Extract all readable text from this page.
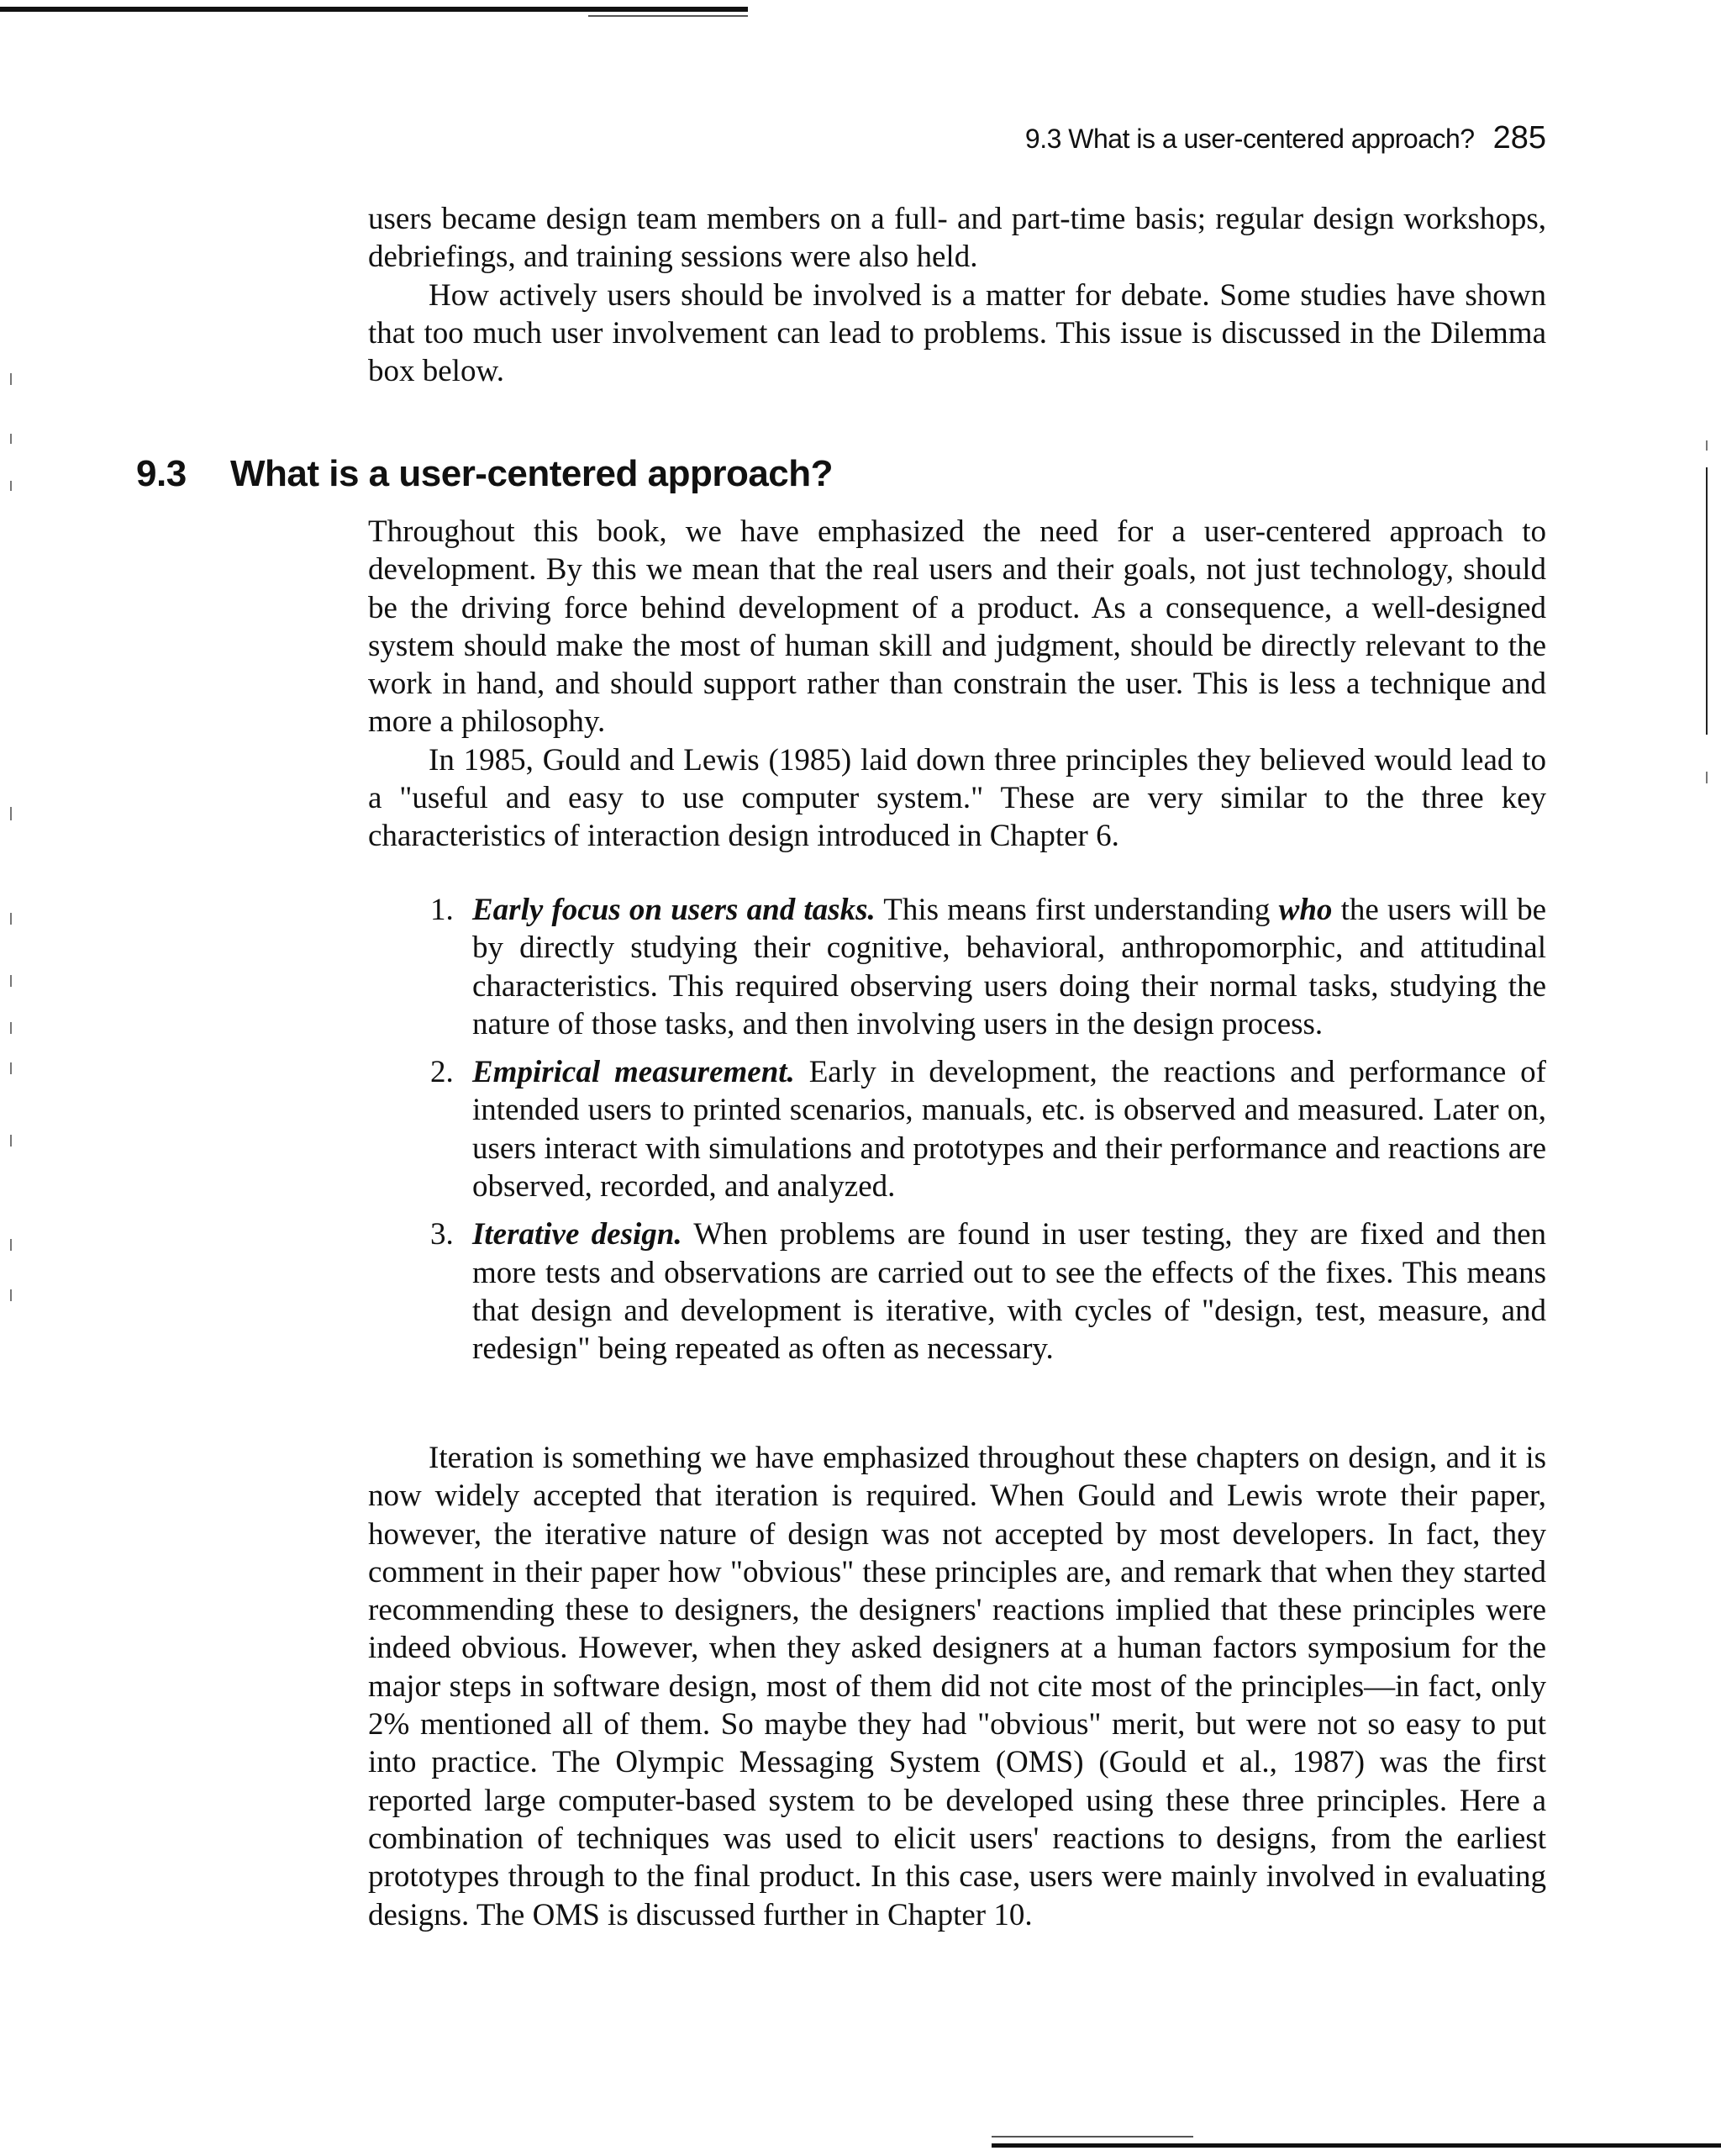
9.3 What is a user-centered approach? 285

users became design team members on a full- and part-time basis; regular design workshops, debriefings, and training sessions were also held.

How actively users should be involved is a matter for debate. Some studies have shown that too much user involvement can lead to problems. This issue is discussed in the Dilemma box below.

9.3 What is a user-centered approach?

Throughout this book, we have emphasized the need for a user-centered approach to development. By this we mean that the real users and their goals, not just technology, should be the driving force behind development of a product. As a consequence, a well-designed system should make the most of human skill and judgment, should be directly relevant to the work in hand, and should support rather than constrain the user. This is less a technique and more a philosophy.

In 1985, Gould and Lewis (1985) laid down three principles they believed would lead to a "useful and easy to use computer system." These are very similar to the three key characteristics of interaction design introduced in Chapter 6.

1. Early focus on users and tasks. This means first understanding who the users will be by directly studying their cognitive, behavioral, anthropomorphic, and attitudinal characteristics. This required observing users doing their normal tasks, studying the nature of those tasks, and then involving users in the design process.
2. Empirical measurement. Early in development, the reactions and performance of intended users to printed scenarios, manuals, etc. is observed and measured. Later on, users interact with simulations and prototypes and their performance and reactions are observed, recorded, and analyzed.
3. Iterative design. When problems are found in user testing, they are fixed and then more tests and observations are carried out to see the effects of the fixes. This means that design and development is iterative, with cycles of "design, test, measure, and redesign" being repeated as often as necessary.

Iteration is something we have emphasized throughout these chapters on design, and it is now widely accepted that iteration is required. When Gould and Lewis wrote their paper, however, the iterative nature of design was not accepted by most developers. In fact, they comment in their paper how "obvious" these principles are, and remark that when they started recommending these to designers, the designers' reactions implied that these principles were indeed obvious. However, when they asked designers at a human factors symposium for the major steps in software design, most of them did not cite most of the principles—in fact, only 2% mentioned all of them. So maybe they had "obvious" merit, but were not so easy to put into practice. The Olympic Messaging System (OMS) (Gould et al., 1987) was the first reported large computer-based system to be developed using these three principles. Here a combination of techniques was used to elicit users' reactions to designs, from the earliest prototypes through to the final product. In this case, users were mainly involved in evaluating designs. The OMS is discussed further in Chapter 10.
